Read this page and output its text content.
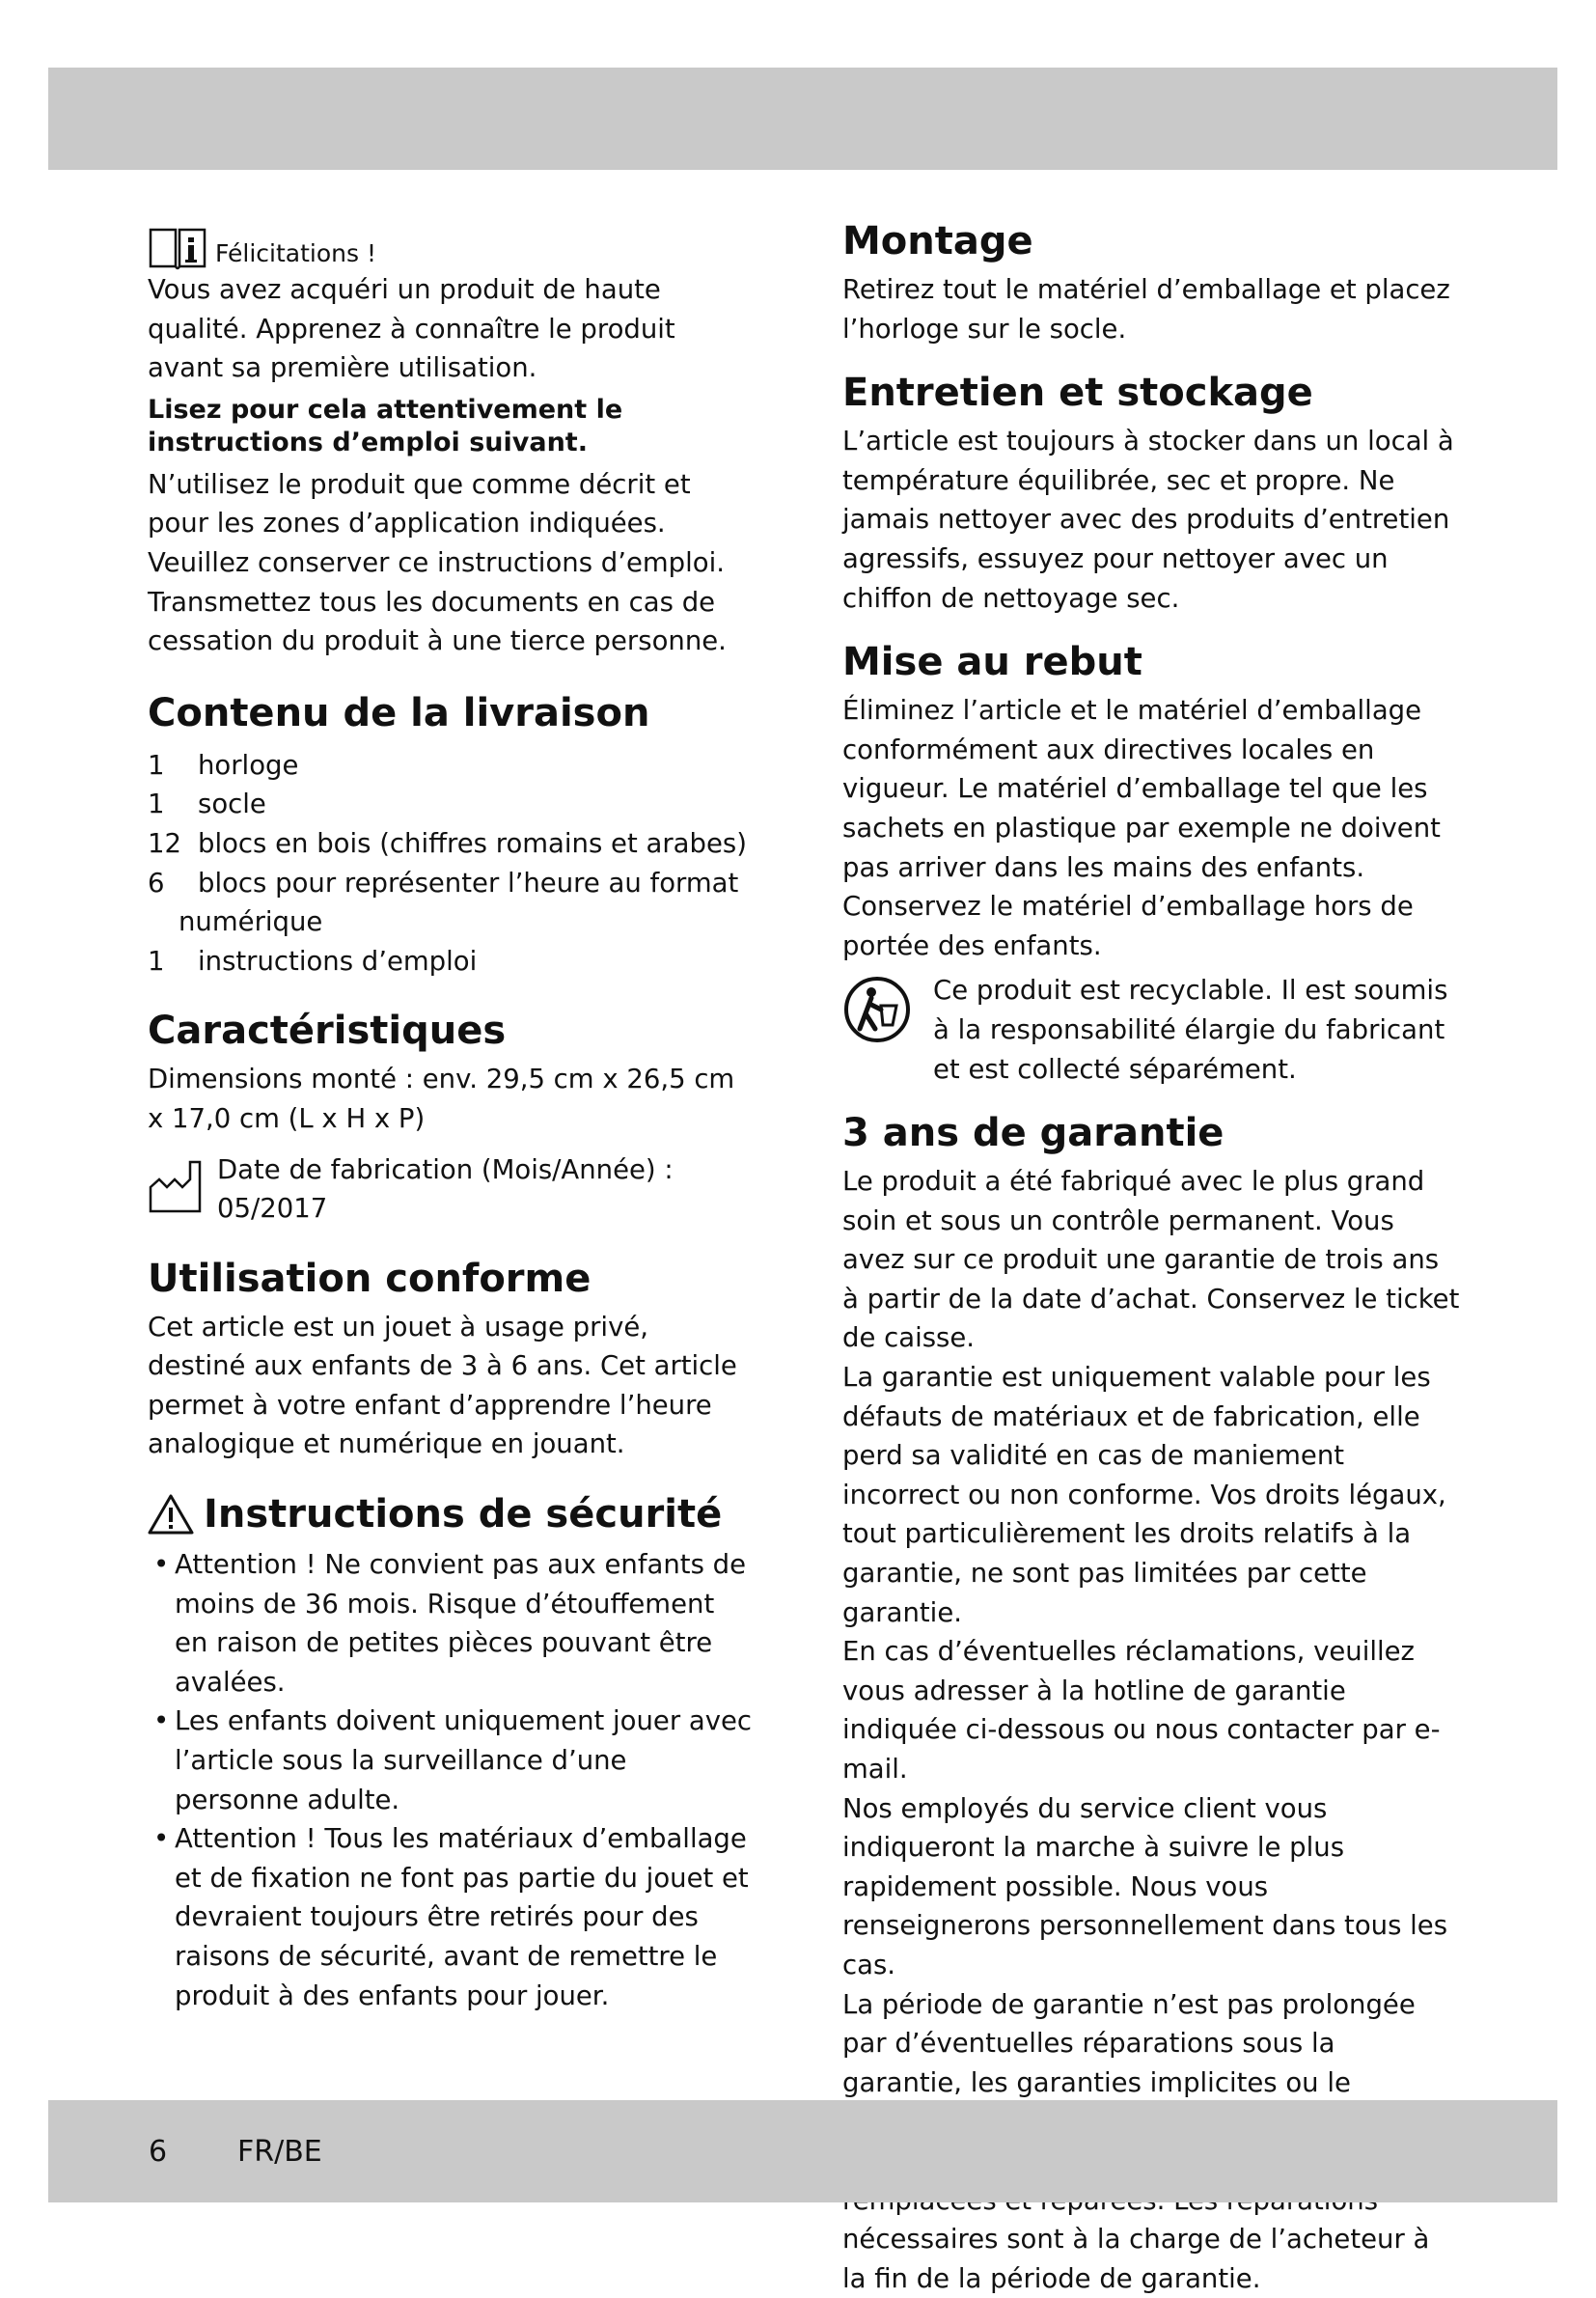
Félicitations !

Vous avez acquéri un produit de haute qualité. Apprenez à connaître le produit avant sa première utilisation.

Lisez pour cela attentivement le instructions d’emploi suivant.

N’utilisez le produit que comme décrit et pour les zones d’application indiquées. Veuillez conserver ce instructions d’emploi. Transmettez tous les documents en cas de cessation du produit à une tierce personne.

Contenu de la livraison
1	horloge
1	socle
12 blocs en bois (chiffres romains et arabes)
6	blocs pour représenter l’heure au format
numérique
1	instructions d’emploi
Caractéristiques

Dimensions monté : env. 29,5 cm x 26,5 cm x 17,0 cm (L x H x P)

Date de fabrication (Mois/Année) :
05/2017
Utilisation conforme

Cet article est un jouet à usage privé, destiné aux enfants de 3 à 6 ans. Cet article permet à votre enfant d’apprendre l’heure analogique et numérique en jouant.

Instructions de sécurité
• Attention ! Ne convient pas aux enfants de moins de 36 mois. Risque d’étouffement en raison de petites pièces pouvant être avalées.
• Les enfants doivent uniquement jouer avec l’article sous la surveillance d’une personne adulte.
• Attention ! Tous les matériaux d’emballage et de fixation ne font pas partie du jouet et devraient toujours être retirés pour des raisons de sécurité, avant de remettre le produit à des enfants pour jouer.
Montage

Retirez tout le matériel d’emballage et placez l’horloge sur le socle.

Entretien et stockage

L’article est toujours à stocker dans un local à température équilibrée, sec et propre. Ne jamais nettoyer avec des produits d’entretien agressifs, essuyez pour nettoyer avec un chiffon de nettoyage sec.

Mise au rebut

Éliminez l’article et le matériel d’emballage conformément aux directives locales en vigueur. Le matériel d’emballage tel que les sachets en plastique par exemple ne doivent pas arriver dans les mains des enfants. Conservez le matériel d’emballage hors de portée des enfants.

Ce produit est recyclable. Il est soumis à la responsabilité élargie du fabricant et est collecté séparément.

3 ans de garantie

Le produit a été fabriqué avec le plus grand soin et sous un contrôle permanent. Vous avez sur ce produit une garantie de trois ans à partir de la date d’achat. Conservez le ticket de caisse.

La garantie est uniquement valable pour les défauts de matériaux et de fabrication, elle perd sa validité en cas de maniement incorrect ou non conforme. Vos droits légaux, tout particulièrement les droits relatifs à la garantie, ne sont pas limitées par cette garantie.

En cas d’éventuelles réclamations, veuillez vous adresser à la hotline de garantie indiquée ci-dessous ou nous contacter par e-mail.

Nos employés du service client vous indiqueront la marche à suivre le plus rapidement possible. Nous vous renseignerons personnellement dans tous les cas.

La période de garantie n’est pas prolongée par d’éventuelles réparations sous la garantie, les garanties implicites ou le

nécessaires sont à la charge de l’acheteur à la fin de la période de garantie.

6 FR/BE
